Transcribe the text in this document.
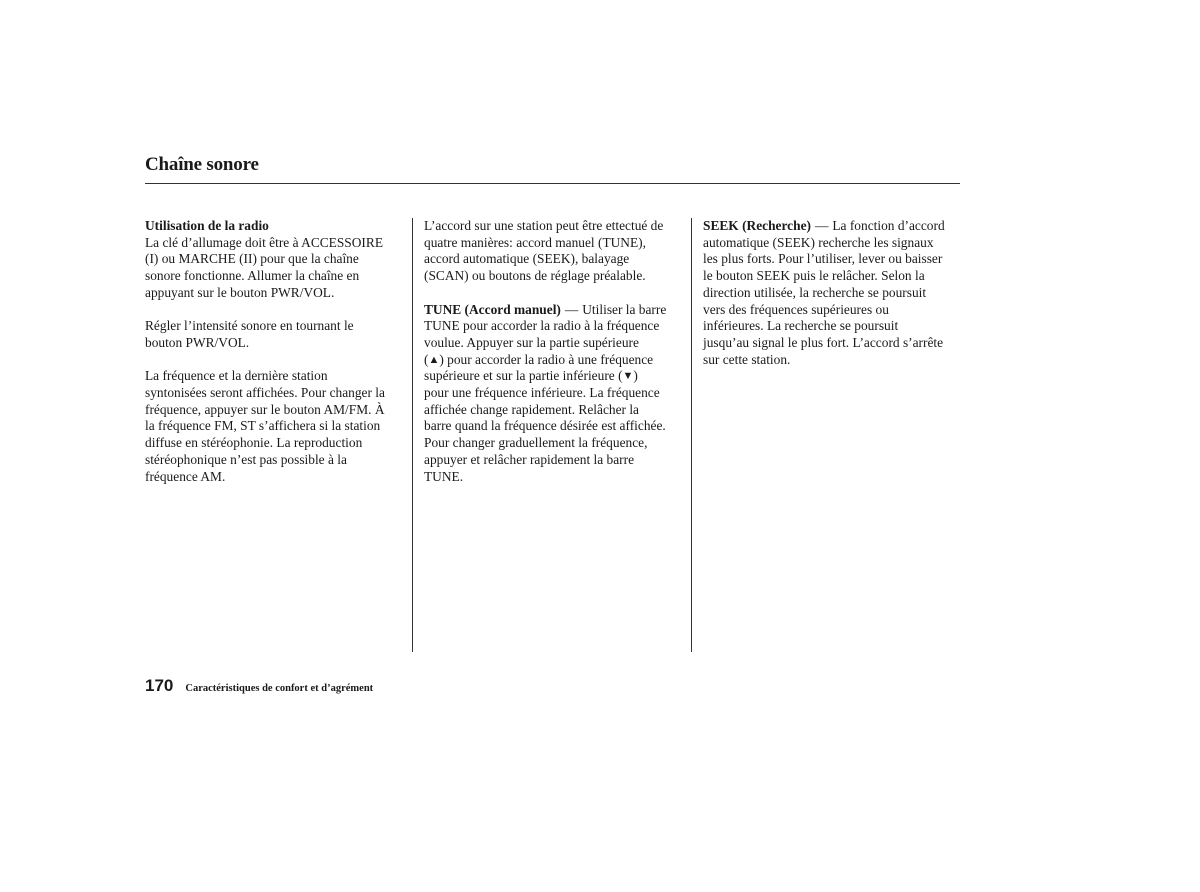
Chaîne sonore
Utilisation de la radio

La clé d’allumage doit être à ACCESSOIRE
(I) ou MARCHE (II) pour que la chaîne
sonore fonctionne. Allumer la chaîne en
appuyant sur le bouton PWR/VOL.

Régler l’intensité sonore en tournant le
bouton PWR/VOL.

La fréquence et la dernière station
syntonisées seront affichées. Pour changer la
fréquence, appuyer sur le bouton AM/FM. À
la fréquence FM, ST s’affichera si la station
diffuse en stéréophonie. La reproduction
stéréophonique n’est pas possible à la
fréquence AM.

L’accord sur une station peut être ettectué de
quatre manières: accord manuel (TUNE),
accord automatique (SEEK), balayage
(SCAN) ou boutons de réglage préalable.

TUNE (Accord manuel) — Utiliser la barre
TUNE pour accorder la radio à la fréquence
voulue. Appuyer sur la partie supérieure
(▲) pour accorder la radio à une fréquence
supérieure et sur la partie inférieure (▼)
pour une fréquence inférieure. La fréquence
affichée change rapidement. Relâcher la
barre quand la fréquence désirée est affichée.
Pour changer graduellement la fréquence,
appuyer et relâcher rapidement la barre
TUNE.

SEEK (Recherche) — La fonction d’accord
automatique (SEEK) recherche les signaux
les plus forts. Pour l’utiliser, lever ou baisser
le bouton SEEK puis le relâcher. Selon la
direction utilisée, la recherche se poursuit
vers des fréquences supérieures ou
inférieures. La recherche se poursuit
jusqu’au signal le plus fort. L’accord s’arrête
sur cette station.

170 Caractéristiques de confort et d’agrément
